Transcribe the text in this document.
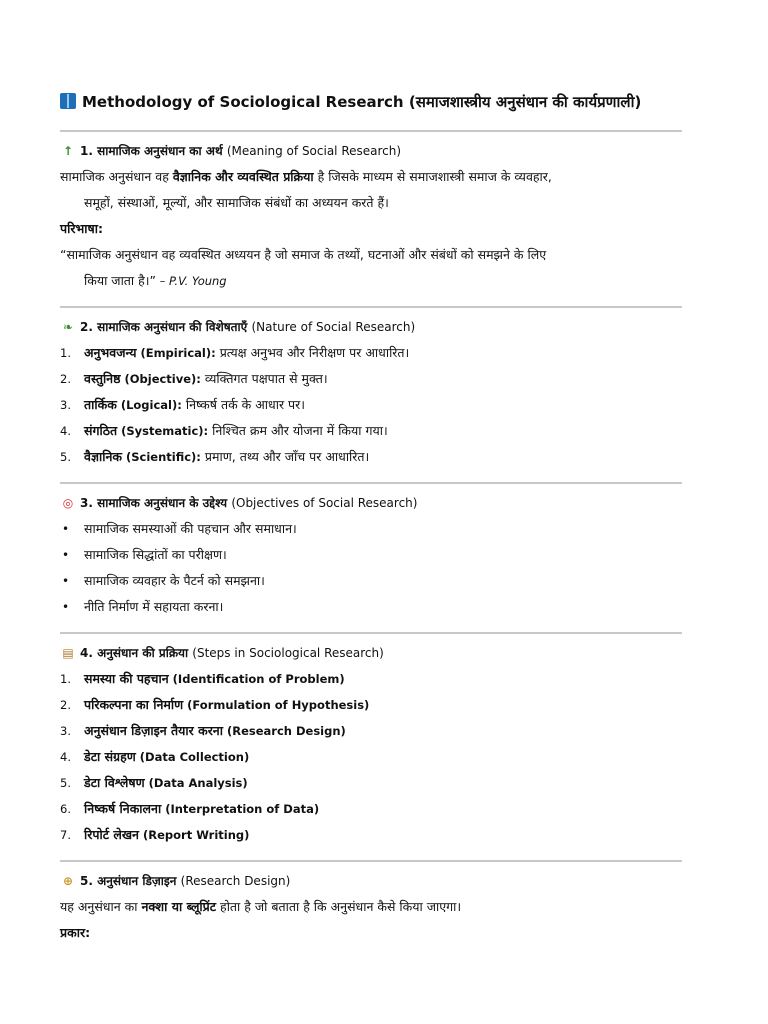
Methodology of Sociological Research (समाजशास्त्रीय अनुसंधान की कार्यप्रणाली)
↑ 1. सामाजिक अनुसंधान का अर्थ (Meaning of Social Research)
सामाजिक अनुसंधान वह वैज्ञानिक और व्यवस्थित प्रक्रिया है जिसके माध्यम से समाजशास्त्री समाज के व्यवहार,
समूहों, संस्थाओं, मूल्यों, और सामाजिक संबंधों का अध्ययन करते हैं।
परिभाषा:
“सामाजिक अनुसंधान वह व्यवस्थित अध्ययन है जो समाज के तथ्यों, घटनाओं और संबंधों को समझने के लिए
किया जाता है।” – P.V. Young
❧ 2. सामाजिक अनुसंधान की विशेषताएँ (Nature of Social Research)
1.	अनुभवजन्य (Empirical): प्रत्यक्ष अनुभव और निरीक्षण पर आधारित।
2.	वस्तुनिष्ठ (Objective): व्यक्तिगत पक्षपात से मुक्त।
3.	तार्किक (Logical): निष्कर्ष तर्क के आधार पर।
4.	संगठित (Systematic): निश्चित क्रम और योजना में किया गया।
5.	वैज्ञानिक (Scientific): प्रमाण, तथ्य और जाँच पर आधारित।
◎ 3. सामाजिक अनुसंधान के उद्देश्य (Objectives of Social Research)
• सामाजिक समस्याओं की पहचान और समाधान।
• सामाजिक सिद्धांतों का परीक्षण।
• सामाजिक व्यवहार के पैटर्न को समझना।
• नीति निर्माण में सहायता करना।
▤ 4. अनुसंधान की प्रक्रिया (Steps in Sociological Research)
1.	समस्या की पहचान (Identification of Problem)
2.	परिकल्पना का निर्माण (Formulation of Hypothesis)
3.	अनुसंधान डिज़ाइन तैयार करना (Research Design)
4.	डेटा संग्रहण (Data Collection)
5.	डेटा विश्लेषण (Data Analysis)
6.	निष्कर्ष निकालना (Interpretation of Data)
7.	रिपोर्ट लेखन (Report Writing)
⊕ 5. अनुसंधान डिज़ाइन (Research Design)
यह अनुसंधान का नक्शा या ब्लूप्रिंट होता है जो बताता है कि अनुसंधान कैसे किया जाएगा।
प्रकार:
